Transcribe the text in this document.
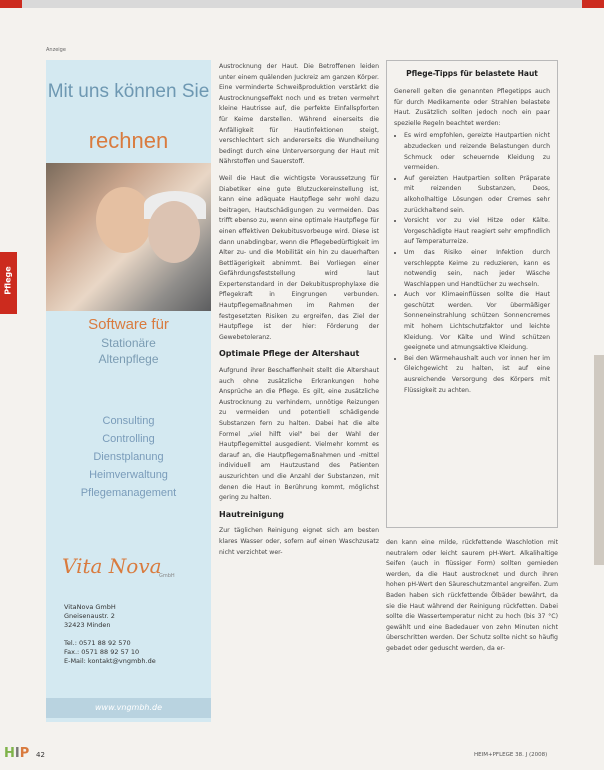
Anzeige
Pflege
Mit uns können Sie
rechnen
Software für
Stationäre
Altenpflege
Consulting
Controlling
Dienstplanung
Heimverwaltung
Pflegemanagement
Vita Nova
GmbH
VitaNova GmbH
Gneisenaustr. 2
32423 Minden
Tel.: 0571 88 92 570
Fax.: 0571 88 92 57 10
E-Mail: kontakt@vngmbh.de
www.vngmbh.de

Austrocknung der Haut. Die Betroffenen leiden unter einem quälenden Juckreiz am ganzen Körper. Eine verminderte Schweißproduktion verstärkt die Austrocknungseffekt noch und es treten vermehrt kleine Hautrisse auf, die perfekte Einfallspforten für Keime darstellen. Während einerseits die Anfälligkeit für Hautinfektionen steigt, verschlechtert sich andererseits die Wundheilung bedingt durch eine Unterversorgung der Haut mit Nährstoffen und Sauerstoff.

Weil die Haut die wichtigste Voraussetzung für Diabetiker eine gute Blutzuckereinstellung ist, kann eine adäquate Hautpflege sehr wohl dazu beitragen, Hautschädigungen zu vermeiden. Das trifft ebenso zu, wenn eine optimale Hautpflege für einen effektiven Dekubitusvorbeuge wird. Diese ist dann unabdingbar, wenn die Pflegebedürftigkeit im Alter zu- und die Mobilität ein hin zu dauerhaften Bettlägerigkeit abnimmt. Bei Vorliegen einer Gefährdungsfeststellung wird laut Expertenstandard in der Dekubitusprophylaxe die Pflegekraft in Eingrungen verbunden. Hautpflegemaßnahmen im Rahmen der festgesetzten Risiken zu ergreifen, das Ziel der Hautpflege ist der hier: Förderung der Gewebetoleranz.

Optimale Pflege der Altershaut

Aufgrund ihrer Beschaffenheit stellt die Altershaut auch ohne zusätzliche Erkrankungen hohe Ansprüche an die Pflege. Es gilt, eine zusätzliche Austrocknung zu verhindern, unnötige Reizungen zu vermeiden und potentiell schädigende Substanzen fern zu halten. Dabei hat die alte Formel „viel hilft viel" bei der Wahl der Hautpflegemittel ausgedient. Vielmehr kommt es darauf an, die Hautpflegemaßnahmen und -mittel individuell am Hautzustand des Patienten auszurichten und die Anzahl der Substanzen, mit denen die Haut in Berührung kommt, möglichst gering zu halten.

Hautreinigung

Zur täglichen Reinigung eignet sich am besten klares Wasser oder, sofern auf einen Waschzusatz nicht verzichtet wer-

Pflege-Tipps für belastete Haut

Generell gelten die genannten Pflegetipps auch für durch Medikamente oder Strahlen belastete Haut. Zusätzlich sollten jedoch noch ein paar spezielle Regeln beachtet werden:

• Es wird empfohlen, gereizte Hautpartien nicht abzudecken und reizende Belastungen durch Schmuck oder scheuernde Kleidung zu vermeiden.
• Auf gereizten Hautpartien sollten Präparate mit reizenden Substanzen, Deos, alkoholhaltige Lösungen oder Cremes sehr zurückhaltend sein.
• Vorsicht vor zu viel Hitze oder Kälte. Vorgeschädigte Haut reagiert sehr empfindlich auf Temperaturreize.
• Um das Risiko einer Infektion durch verschleppte Keime zu reduzieren, kann es notwendig sein, nach jeder Wäsche Waschlappen und Handtücher zu wechseln.
• Auch vor Klimaeinflüssen sollte die Haut geschützt werden. Vor übermäßiger Sonneneinstrahlung schützen Sonnencremes mit hohem Lichtschutzfaktor und leichte Kleidung. Vor Kälte und Wind schützen geeignete und atmungsaktive Kleidung.
• Bei den Wärmehaushalt auch vor innen her im Gleichgewicht zu halten, ist auf eine ausreichende Versorgung des Körpers mit Flüssigkeit zu achten.

den kann eine milde, rückfettende Waschlotion mit neutralem oder leicht saurem pH-Wert. Alkalihaltige Seifen (auch in flüssiger Form) sollten gemieden werden, da die Haut austrocknet und durch ihren hohen pH-Wert den Säureschutzmantel angreifen. Zum Baden haben sich rückfettende Ölbäder bewährt, da sie die Haut während der Reinigung rückfetten. Dabei sollte die Wassertemperatur nicht zu hoch (bis 37 °C) gewählt und eine Badedauer von zehn Minuten nicht überschritten werden. Der Schutz sollte nicht so häufig gebadet oder geduscht werden, da er-

HIP 42	HEIM+PFLEGE 38. J (2008)
